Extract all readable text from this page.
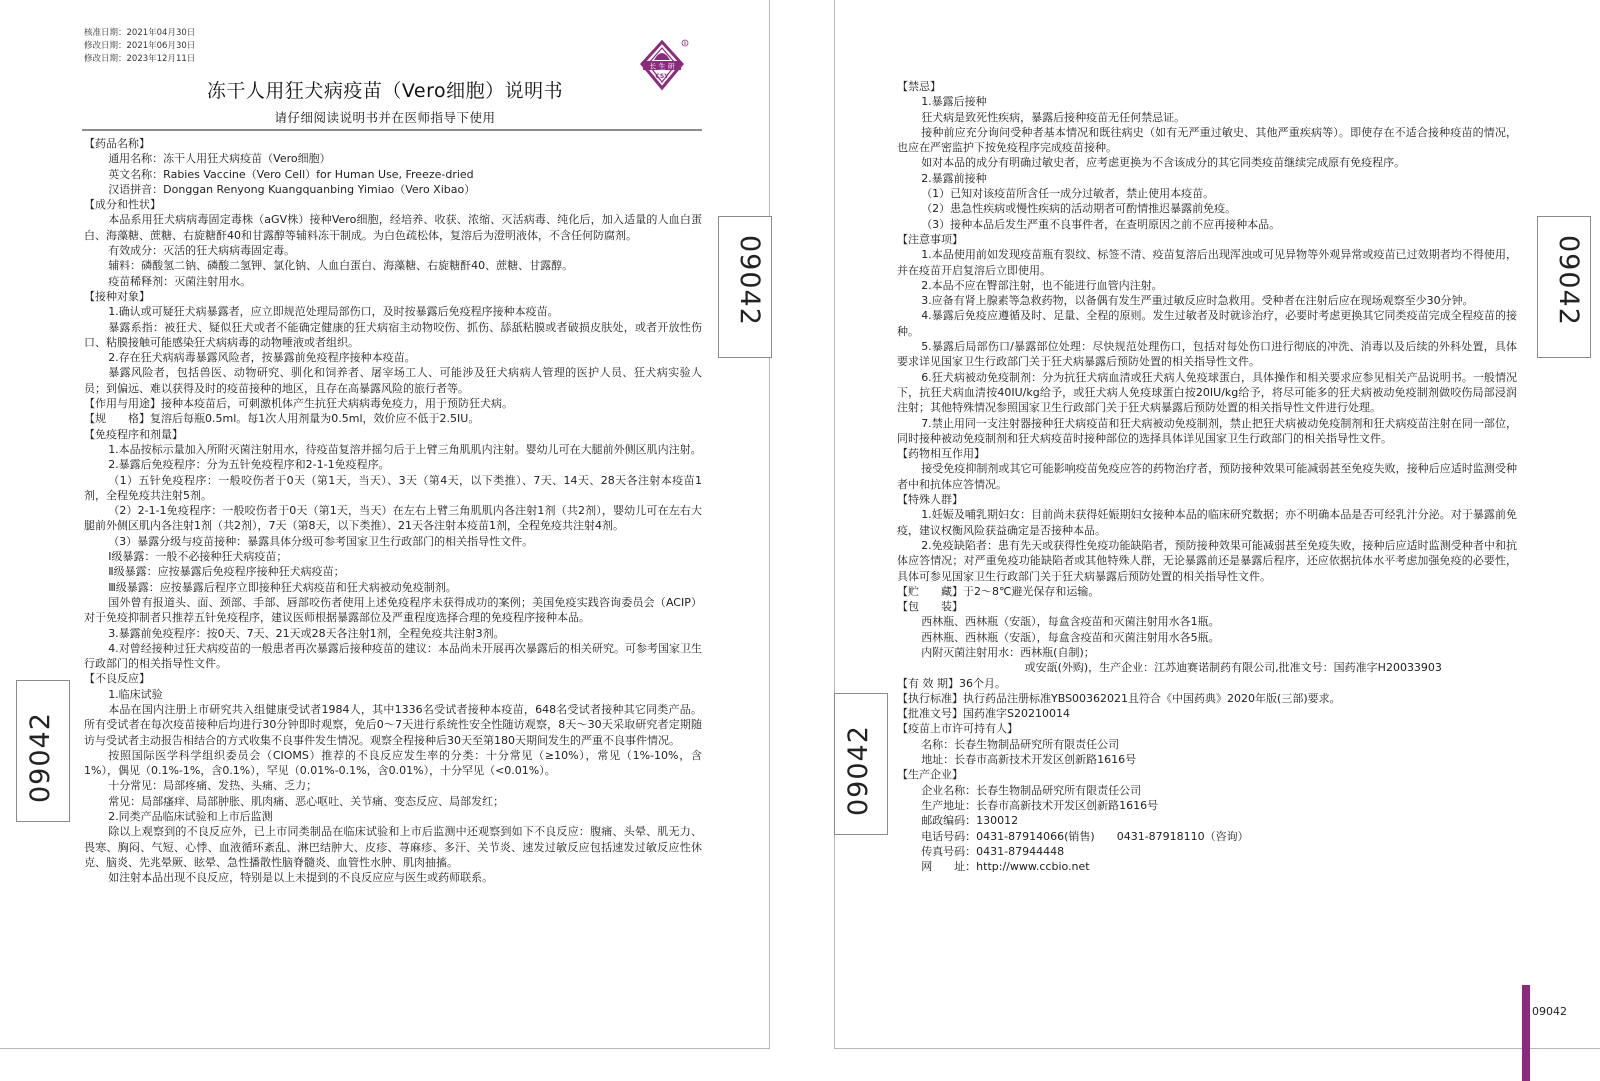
核准日期：2021年04月30日
修改日期：2021年06月30日
修改日期：2023年12月11日
长 生 研
CSY
R
冻干人用狂犬病疫苗（Vero细胞）说明书
请仔细阅读说明书并在医师指导下使用
【药品名称】
通用名称：冻干人用狂犬病疫苗（Vero细胞）
英文名称：Rabies Vaccine（Vero Cell）for Human Use, Freeze-dried
汉语拼音：Donggan Renyong Kuangquanbing Yimiao（Vero Xibao）
【成分和性状】
本品系用狂犬病病毒固定毒株（aGV株）接种Vero细胞，经培养、收获、浓缩、灭活病毒、纯化后，加入适量的人血白蛋白、海藻糖、蔗糖、右旋糖酐40和甘露醇等辅料冻干制成。为白色疏松体，复溶后为澄明液体，不含任何防腐剂。
有效成分：灭活的狂犬病病毒固定毒。
辅料：磷酸氢二钠、磷酸二氢钾、氯化钠、人血白蛋白、海藻糖、右旋糖酐40、蔗糖、甘露醇。
疫苗稀释剂：灭菌注射用水。
【接种对象】
1.确认或可疑狂犬病暴露者，应立即规范处理局部伤口，及时按暴露后免疫程序接种本疫苗。
暴露系指：被狂犬、疑似狂犬或者不能确定健康的狂犬病宿主动物咬伤、抓伤、舔舐粘膜或者破损皮肤处，或者开放性伤口、粘膜接触可能感染狂犬病病毒的动物唾液或者组织。
2.存在狂犬病病毒暴露风险者，按暴露前免疫程序接种本疫苗。
暴露风险者，包括兽医、动物研究、驯化和饲养者、屠宰场工人、可能涉及狂犬病病人管理的医护人员、狂犬病实验人员；到偏远、难以获得及时的疫苗接种的地区，且存在高暴露风险的旅行者等。
【作用与用途】接种本疫苗后，可刺激机体产生抗狂犬病病毒免疫力，用于预防狂犬病。
【规　　格】复溶后每瓶0.5ml。每1次人用剂量为0.5ml，效价应不低于2.5IU。
【免疫程序和剂量】
1.本品按标示量加入所附灭菌注射用水，待疫苗复溶并摇匀后于上臂三角肌肌内注射。婴幼儿可在大腿前外侧区肌内注射。
2.暴露后免疫程序：分为五针免疫程序和2-1-1免疫程序。
（1）五针免疫程序：一般咬伤者于0天（第1天，当天）、3天（第4天，以下类推）、7天、14天、28天各注射本疫苗1剂，全程免疫共注射5剂。
（2）2-1-1免疫程序：一般咬伤者于0天（第1天，当天）在左右上臂三角肌肌内各注射1剂（共2剂），婴幼儿可在左右大腿前外侧区肌内各注射1剂（共2剂），7天（第8天，以下类推）、21天各注射本疫苗1剂，全程免疫共注射4剂。
（3）暴露分级与疫苗接种：暴露具体分级可参考国家卫生行政部门的相关指导性文件。
Ⅰ级暴露：一般不必接种狂犬病疫苗；
Ⅱ级暴露：应按暴露后免疫程序接种狂犬病疫苗；
Ⅲ级暴露：应按暴露后程序立即接种狂犬病疫苗和狂犬病被动免疫制剂。
国外曾有报道头、面、颈部、手部、唇部咬伤者使用上述免疫程序未获得成功的案例；美国免疫实践咨询委员会（ACIP）对于免疫抑制者只推荐五针免疫程序，建议医师根据暴露部位及严重程度选择合理的免疫程序接种本品。
3.暴露前免疫程序：按0天、7天、21天或28天各注射1剂，全程免疫共注射3剂。
4.对曾经接种过狂犬病疫苗的一般患者再次暴露后接种疫苗的建议：本品尚未开展再次暴露后的相关研究。可参考国家卫生行政部门的相关指导性文件。
【不良反应】
1.临床试验
本品在国内注册上市研究共入组健康受试者1984人，其中1336名受试者接种本疫苗，648名受试者接种其它同类产品。所有受试者在每次疫苗接种后均进行30分钟即时观察，免后0～7天进行系统性安全性随访观察，8天～30天采取研究者定期随访与受试者主动报告相结合的方式收集不良事件发生情况。观察全程接种后30天至第180天期间发生的严重不良事件情况。
按照国际医学科学组织委员会（CIOMS）推荐的不良反应发生率的分类：十分常见（≥10%），常见（1%-10%，含1%），偶见（0.1%-1%，含0.1%），罕见（0.01%-0.1%，含0.01%），十分罕见（<0.01%）。
十分常见：局部疼痛、发热、头痛、乏力；
常见：局部瘙痒、局部肿胀、肌肉痛、恶心呕吐、关节痛、变态反应、局部发红；
2.同类产品临床试验和上市后监测
除以上观察到的不良反应外，已上市同类制品在临床试验和上市后监测中还观察到如下不良反应：腹痛、头晕、肌无力、畏寒、胸闷、气短、心悸、血液循环紊乱、淋巴结肿大、皮疹、荨麻疹、多汗、关节炎、速发过敏反应包括速发过敏反应性休克、脑炎、先兆晕厥、眩晕、急性播散性脑脊髓炎、血管性水肿、肌肉抽搐。
如注射本品出现不良反应，特别是以上未提到的不良反应应与医生或药师联系。
09042
09042
09042
09042
【禁忌】
1.暴露后接种
狂犬病是致死性疾病，暴露后接种疫苗无任何禁忌证。
接种前应充分询问受种者基本情况和既往病史（如有无严重过敏史、其他严重疾病等）。即使存在不适合接种疫苗的情况，也应在严密监护下按免疫程序完成疫苗接种。
如对本品的成分有明确过敏史者，应考虑更换为不含该成分的其它同类疫苗继续完成原有免疫程序。
2.暴露前接种
（1）已知对该疫苗所含任一成分过敏者，禁止使用本疫苗。
（2）患急性疾病或慢性疾病的活动期者可酌情推迟暴露前免疫。
（3）接种本品后发生严重不良事件者，在查明原因之前不应再接种本品。
【注意事项】
1.本品使用前如发现疫苗瓶有裂纹、标签不清、疫苗复溶后出现浑浊或可见异物等外观异常或疫苗已过效期者均不得使用，并在疫苗开启复溶后立即使用。
2.本品不应在臀部注射，也不能进行血管内注射。
3.应备有肾上腺素等急救药物，以备偶有发生严重过敏反应时急救用。受种者在注射后应在现场观察至少30分钟。
4.暴露后免疫应遵循及时、足量、全程的原则。发生过敏者及时就诊治疗，必要时考虑更换其它同类疫苗完成全程疫苗的接种。
5.暴露后局部伤口/暴露部位处理：尽快规范处理伤口，包括对每处伤口进行彻底的冲洗、消毒以及后续的外科处置，具体要求详见国家卫生行政部门关于狂犬病暴露后预防处置的相关指导性文件。
6.狂犬病被动免疫制剂：分为抗狂犬病血清或狂犬病人免疫球蛋白，具体操作和相关要求应参见相关产品说明书。一般情况下，抗狂犬病血清按40IU/kg给予，或狂犬病人免疫球蛋白按20IU/kg给予，将尽可能多的狂犬病被动免疫制剂做咬伤局部浸润注射；其他特殊情况参照国家卫生行政部门关于狂犬病暴露后预防处置的相关指导性文件进行处理。
7.禁止用同一支注射器接种狂犬病疫苗和狂犬病被动免疫制剂，禁止把狂犬病被动免疫制剂和狂犬病疫苗注射在同一部位，同时接种被动免疫制剂和狂犬病疫苗时接种部位的选择具体详见国家卫生行政部门的相关指导性文件。
【药物相互作用】
接受免疫抑制剂或其它可能影响疫苗免疫应答的药物治疗者，预防接种效果可能减弱甚至免疫失败，接种后应适时监测受种者中和抗体应答情况。
【特殊人群】
1.妊娠及哺乳期妇女：目前尚未获得妊娠期妇女接种本品的临床研究数据；亦不明确本品是否可经乳汁分泌。对于暴露前免疫，建议权衡风险获益确定是否接种本品。
2.免疫缺陷者：患有先天或获得性免疫功能缺陷者，预防接种效果可能减弱甚至免疫失败，接种后应适时监测受种者中和抗体应答情况；对严重免疫功能缺陷者或其他特殊人群，无论暴露前还是暴露后程序，还应依据抗体水平考虑加强免疫的必要性，具体可参见国家卫生行政部门关于狂犬病暴露后预防处置的相关指导性文件。
【贮　　藏】于2～8℃避光保存和运输。
【包　　装】
西林瓶、西林瓶（安瓿），每盒含疫苗和灭菌注射用水各1瓶。
西林瓶、西林瓶（安瓿），每盒含疫苗和灭菌注射用水各5瓶。
内附灭菌注射用水：西林瓶(自制)；
或安瓿(外购)，生产企业：江苏迪赛诺制药有限公司,批准文号：国药准字H20033903
【有 效 期】36个月。
【执行标准】执行药品注册标准YBS00362021且符合《中国药典》2020年版(三部)要求。
【批准文号】国药准字S20210014
【疫苗上市许可持有人】
名称：长春生物制品研究所有限责任公司
地址：长春市高新技术开发区创新路1616号
【生产企业】
企业名称：长春生物制品研究所有限责任公司
生产地址：长春市高新技术开发区创新路1616号
邮政编码：130012
电话号码：0431-87914066(销售)　　0431-87918110（咨询）
传真号码：0431-87944448
网　　址：http://www.ccbio.net
09042
